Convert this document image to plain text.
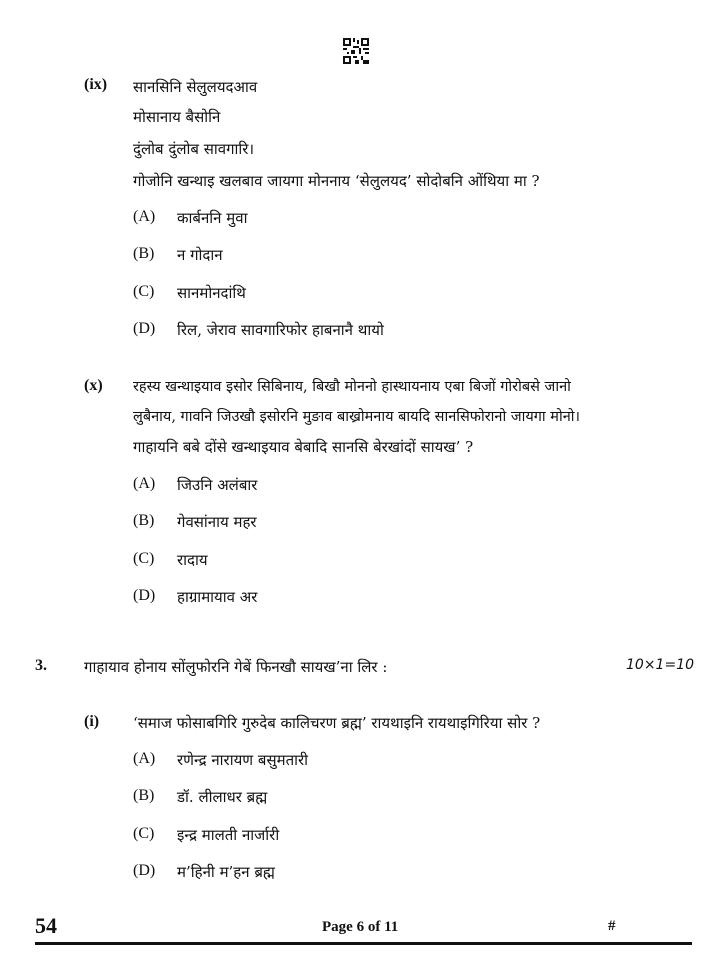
(ix) सानसिनि सेलुलयदआव
मोसानाय बैसोनि
दुंलोब दुंलोब सावगारि।
गोजोनि खन्थाइ खलबाव जायगा मोननाय ‘सेलुलयद’ सोदोबनि ओंथिया मा ?
(A) कार्बननि मुवा
(B) न गोदान
(C) सानमोनदांथि
(D) रिल, जेराव सावगारिफोर हाबनानै थायो
(x) रहस्य खन्थाइयाव इसोर सिबिनाय, बिखौ मोननो हास्थायनाय एबा बिजों गोरोबसे जानो
लुबैनाय, गावनि जिउखौ इसोरनि मुङाव बाख्रोमनाय बायदि सानसिफोरानो जायगा मोनो।
गाहायनि बबे दोंसे खन्थाइयाव बेबादि सानसि बेरखांदों सायख’ ?
(A) जिउनि अलंबार
(B) गेवसांनाय महर
(C) रादाय
(D) हाग्रामायाव अर
3. गाहायाव होनाय सोंलुफोरनि गेबें फिनखौ सायख’ना लिर :	10×1=10
(i) ‘समाज फोसाबगिरि गुरुदेब कालिचरण ब्रह्म’ रायथाइनि रायथाइगिरिया सोर ?
(A) रणेन्द्र नारायण बसुमतारी
(B) डॉ. लीलाधर ब्रह्म
(C) इन्द्र मालती नार्जारी
(D) म’हिनी म’हन ब्रह्म
54	Page 6 of 11	#
